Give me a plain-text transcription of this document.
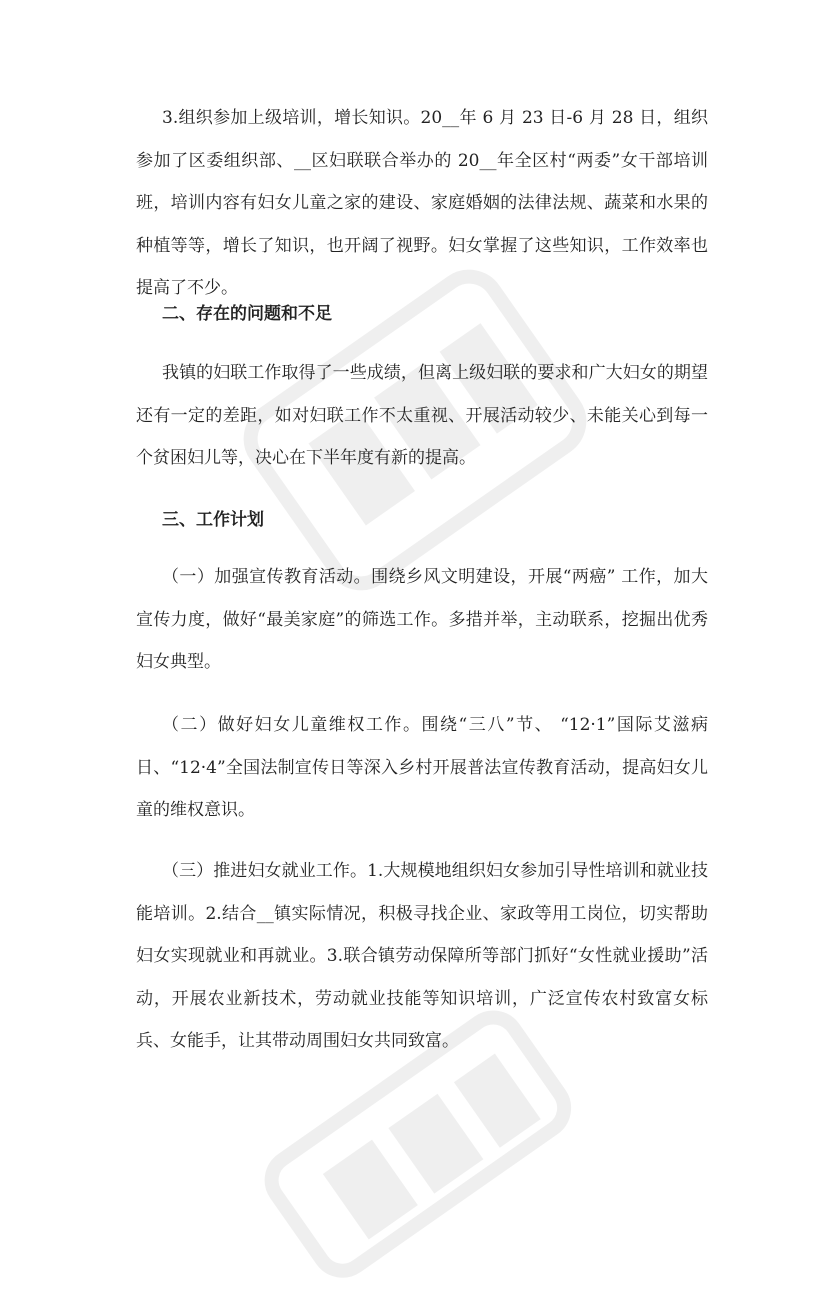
3.组织参加上级培训，增长知识。20__年 6 月 23 日-6 月 28 日，组织参加了区委组织部、__区妇联联合举办的 20__年全区村“两委”女干部培训班，培训内容有妇女儿童之家的建设、家庭婚姻的法律法规、蔬菜和水果的种植等等，增长了知识，也开阔了视野。妇女掌握了这些知识，工作效率也提高了不少。

二、存在的问题和不足

我镇的妇联工作取得了一些成绩，但离上级妇联的要求和广大妇女的期望还有一定的差距，如对妇联工作不太重视、开展活动较少、未能关心到每一个贫困妇儿等，决心在下半年度有新的提高。

三、工作计划

（一）加强宣传教育活动。围绕乡风文明建设，开展“两癌” 工作，加大宣传力度，做好“最美家庭”的筛选工作。多措并举，主动联系，挖掘出优秀妇女典型。

（二）做好妇女儿童维权工作。围绕“三八”节、 “12·1”国际艾滋病日、“12·4”全国法制宣传日等深入乡村开展普法宣传教育活动，提高妇女儿童的维权意识。

（三）推进妇女就业工作。1.大规模地组织妇女参加引导性培训和就业技能培训。2.结合__镇实际情况，积极寻找企业、家政等用工岗位，切实帮助妇女实现就业和再就业。3.联合镇劳动保障所等部门抓好“女性就业援助”活动，开展农业新技术，劳动就业技能等知识培训，广泛宣传农村致富女标兵、女能手，让其带动周围妇女共同致富。
